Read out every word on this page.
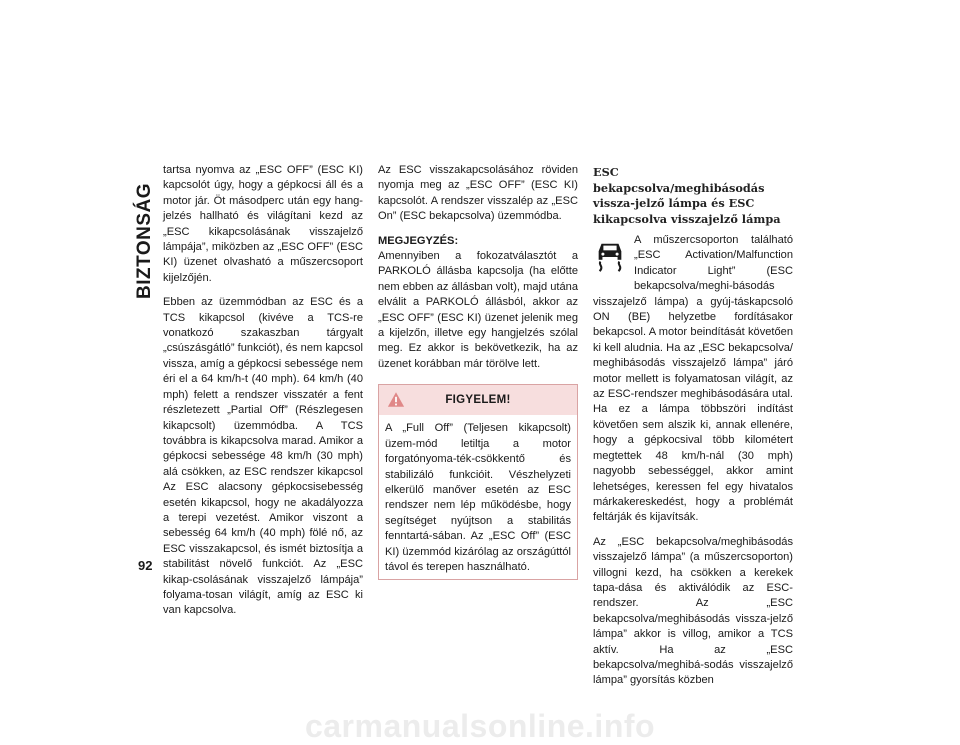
BIZTONSÁG

tartsa nyomva az „ESC OFF” (ESC KI) kapcsolót úgy, hogy a gépkocsi áll és a motor jár. Öt másodperc után egy hang-jelzés hallható és világítani kezd az „ESC kikapcsolásának visszajelző lámpája”, miközben az „ESC OFF” (ESC KI) üzenet olvasható a műszercsoport kijelzőjén.

Ebben az üzemmódban az ESC és a TCS kikapcsol (kivéve a TCS-re vonatkozó szakaszban tárgyalt „csúszásgátló” funkciót), és nem kapcsol vissza, amíg a gépkocsi sebessége nem éri el a 64 km/h-t (40 mph). 64 km/h (40 mph) felett a rendszer visszatér a fent részletezett „Partial Off” (Részlegesen kikapcsolt) üzemmódba. A TCS továbbra is kikapcsolva marad. Amikor a gépkocsi sebessége 48 km/h (30 mph) alá csökken, az ESC rendszer kikapcsol Az ESC alacsony gépkocsisebesség esetén kikapcsol, hogy ne akadályozza a terepi vezetést. Amikor viszont a sebesség 64 km/h (40 mph) fölé nő, az ESC visszakapcsol, és ismét biztosítja a stabilitást növelő funkciót. Az „ESC kikap-csolásának visszajelző lámpája” folyama-tosan világít, amíg az ESC ki van kapcsolva.

Az ESC visszakapcsolásához röviden nyomja meg az „ESC OFF” (ESC KI) kapcsolót. A rendszer visszalép az „ESC On” (ESC bekapcsolva) üzemmódba.

MEGJEGYZÉS:

Amennyiben a fokozatválasztót a PARKOLÓ állásba kapcsolja (ha előtte nem ebben az állásban volt), majd utána elválit a PARKOLÓ állásból, akkor az „ESC OFF” (ESC KI) üzenet jelenik meg a kijelzőn, illetve egy hangjelzés szólal meg. Ez akkor is bekövetkezik, ha az üzenet korábban már törölve lett.

FIGYELEM!

A „Full Off” (Teljesen kikapcsolt) üzem-mód letiltja a motor forgatónyoma-ték-csökkentő és stabilizáló funkcióit. Vészhelyzeti elkerülő manőver esetén az ESC rendszer nem lép működésbe, hogy segítséget nyújtson a stabilitás fenntartá-sában. Az „ESC Off” (ESC KI) üzemmód kizárólag az országúttól távol és terepen használható.

ESC bekapcsolva/meghibásodás vissza-jelző lámpa és ESC kikapcsolva visszajelző lámpa

A műszercsoporton található „ESC Activation/Malfunction Indicator Light” (ESC bekapcsolva/meghi-básodás visszajelző lámpa) a gyúj-táskapcsoló ON (BE) helyzetbe fordításakor bekapcsol. A motor beindítását követően ki kell aludnia. Ha az „ESC bekapcsolva/ meghibásodás visszajelző lámpa” járó motor mellett is folyamatosan világít, az az ESC-rendszer meghibásodására utal. Ha ez a lámpa többszöri indítást követően sem alszik ki, annak ellenére, hogy a gépkocsival több kilométert megtettek 48 km/h-nál (30 mph) nagyobb sebességgel, akkor amint lehetséges, keressen fel egy hivatalos márkakereskedést, hogy a problémát feltárják és kijavítsák.

Az „ESC bekapcsolva/meghibásodás visszajelző lámpa” (a műszercsoporton) villogni kezd, ha csökken a kerekek tapa-dása és aktiválódik az ESC-rendszer. Az „ESC bekapcsolva/meghibásodás vissza-jelző lámpa” akkor is villog, amikor a TCS aktív. Ha az „ESC bekapcsolva/meghibá-sodás visszajelző lámpa” gyorsítás közben

92
carmanualsonline.info
